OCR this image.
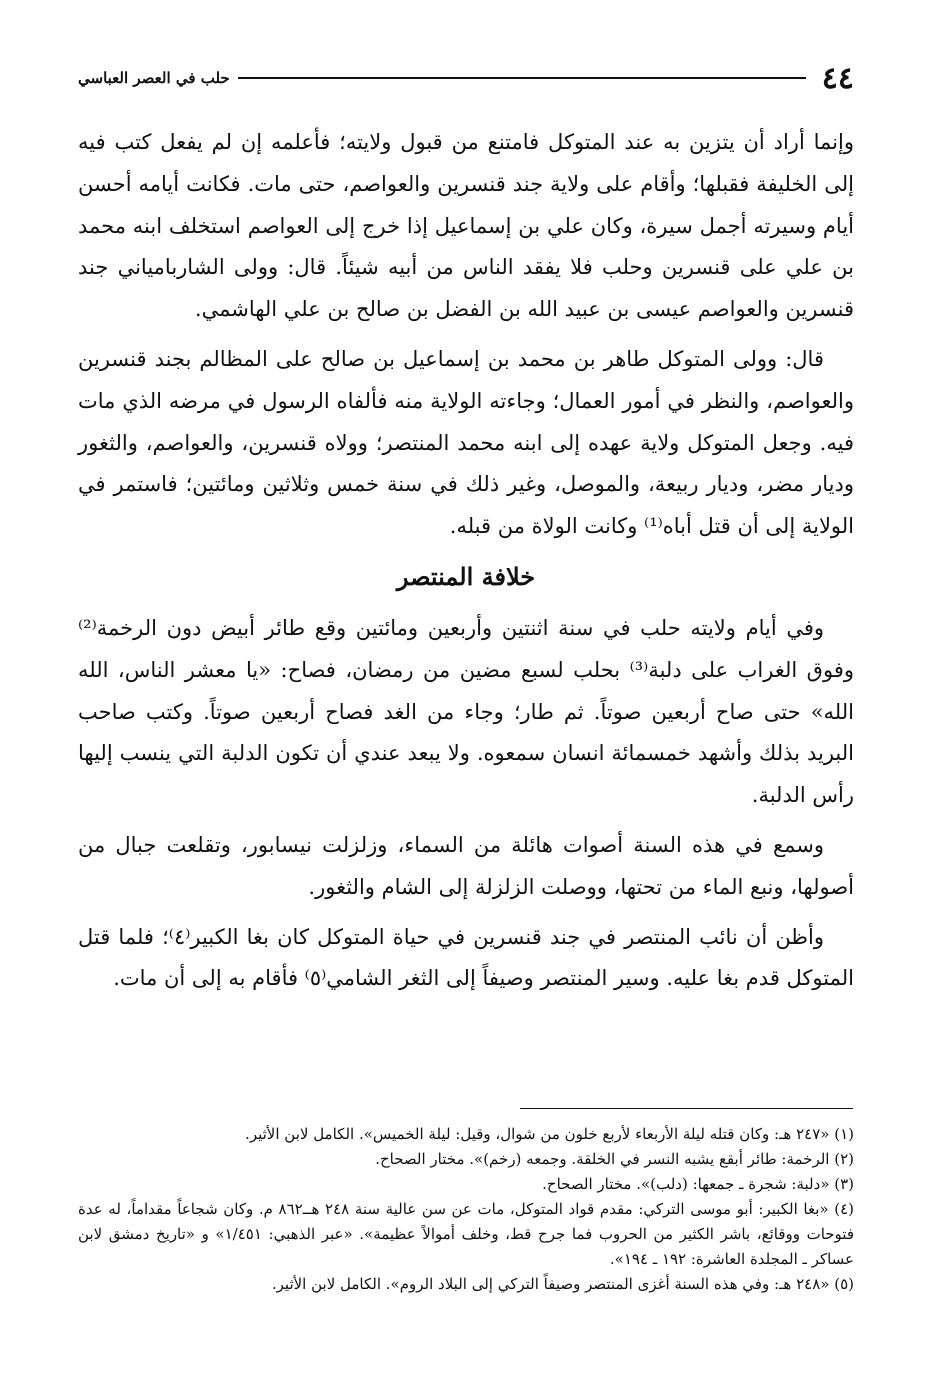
٤٤
حلب في العصر العباسي

وإنما أراد أن يتزين به عند المتوكل فامتنع من قبول ولايته؛ فأعلمه إن لم يفعل كتب فيه إلى الخليفة فقبلها؛ وأقام على ولاية جند قنسرين والعواصم، حتى مات. فكانت أيامه أحسن أيام وسيرته أجمل سيرة، وكان علي بن إسماعيل إذا خرج إلى العواصم استخلف ابنه محمد بن علي على قنسرين وحلب فلا يفقد الناس من أبيه شيئاً. قال: وولى الشاربامياني جند قنسرين والعواصم عيسى بن عبيد الله بن الفضل بن صالح بن علي الهاشمي.

قال: وولى المتوكل طاهر بن محمد بن إسماعيل بن صالح على المظالم بجند قنسرين والعواصم، والنظر في أمور العمال؛ وجاءته الولاية منه فألفاه الرسول في مرضه الذي مات فيه. وجعل المتوكل ولاية عهده إلى ابنه محمد المنتصر؛ وولاه قنسرين، والعواصم، والثغور وديار مضر، وديار ربيعة، والموصل، وغير ذلك في سنة خمس وثلاثين ومائتين؛ فاستمر في الولاية إلى أن قتل أباه⁽¹⁾ وكانت الولاة من قبله.

خلافة المنتصر

وفي أيام ولايته حلب في سنة اثنتين وأربعين ومائتين وقع طائر أبيض دون الرخمة⁽²⁾ وفوق الغراب على دلبة⁽³⁾ بحلب لسبع مضين من رمضان، فصاح: «يا معشر الناس، الله الله» حتى صاح أربعين صوتاً. ثم طار؛ وجاء من الغد فصاح أربعين صوتاً. وكتب صاحب البريد بذلك وأشهد خمسمائة انسان سمعوه. ولا يبعد عندي أن تكون الدلبة التي ينسب إليها رأس الدلبة.

وسمع في هذه السنة أصوات هائلة من السماء، وزلزلت نيسابور، وتقلعت جبال من أصولها، ونبع الماء من تحتها، ووصلت الزلزلة إلى الشام والثغور.

وأظن أن نائب المنتصر في جند قنسرين في حياة المتوكل كان بغا الكبير⁽٤⁾؛ فلما قتل المتوكل قدم بغا عليه. وسير المنتصر وصيفاً إلى الثغر الشامي⁽٥⁾ فأقام به إلى أن مات.

(١) «٢٤٧ هـ: وكان قتله ليلة الأربعاء لأربع خلون من شوال، وقيل: ليلة الخميس». الكامل لابن الأثير.

(٢) الرخمة: طائر أبقع يشبه النسر في الخلقة. وجمعه (رخم)». مختار الصحاح.

(٣) «دلبة: شجرة ـ جمعها: (دلب)». مختار الصحاح.

(٤) «بغا الكبير: أبو موسى التركي: مقدم قواد المتوكل، مات عن سن عالية سنة ٢٤٨ هـ‍ـ٨٦٢ م. وكان شجاعاً مقداماً، له عدة فتوحات ووقائع، باشر الكثير من الحروب فما جرح قط، وخلف أموالاً عظيمة». «عبر الذهبي: ١/٤٥١» و «تاريخ دمشق لابن عساكر ـ المجلدة العاشرة: ١٩٢ ـ ١٩٤».

(٥) «٢٤٨ هـ: وفي هذه السنة أغزى المنتصر وصيفاً التركي إلى البلاد الروم». الكامل لابن الأثير.
